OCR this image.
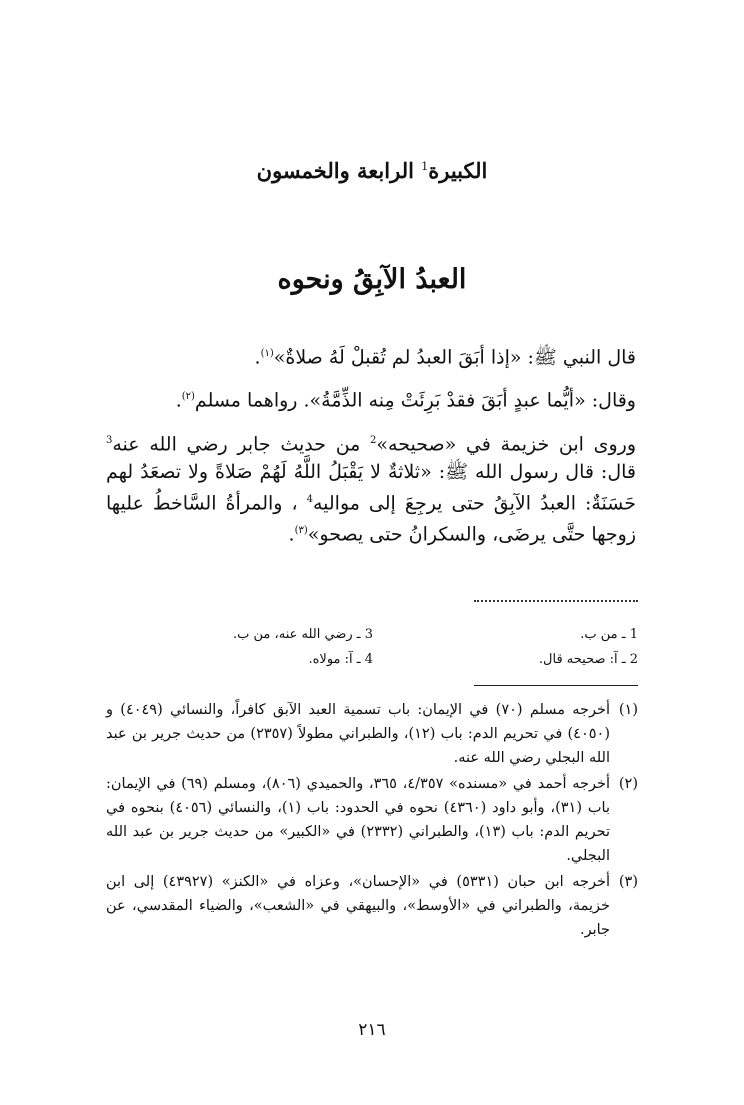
الكبيرة$^1$ الرابعة والخمسون
العبدُ الآبِقُ ونحوه

قال النبي ﷺ: «إذا أبَقَ العبدُ لم تُقبلْ لَهُ صلاةٌ»$^{(١)}$.

وقال: «أيُّما عبدٍ أبَقَ فقدْ بَرِئَتْ مِنه الذِّمَّةُ». رواهما مسلم$^{(٢)}$.

وروى ابن خزيمة في «صحيحه»$^2$ من حديث جابر رضي الله عنه$^3$ قال: قال رسول الله ﷺ: «ثلاثةٌ لا يَقْبَلُ اللَّهُ لَهُمْ صَلاةً ولا تصعَدُ لهم حَسَنَةٌ: العبدُ الآبِقُ حتى يرجِعَ إلى مواليه$^4$ ، والمرأةُ السَّاخطُ عليها زوجها حتَّى يرضَى، والسكرانُ حتى يصحو»$^{(٣)}$.

1 ـ من ب.
3 ـ رضي الله عنه، من ب.
2 ـ آ: صحيحه قال.
4 ـ آ: مولاه.
(١)
أخرجه مسلم (٧٠) في الإيمان: باب تسمية العبد الآبق كافراً، والنسائي (٤٠٤٩) و (٤٠٥٠) في تحريم الدم: باب (١٢)، والطبراني مطولاً (٢٣٥٧) من حديث جرير بن عبد الله البجلي رضي الله عنه.
(٢)
أخرجه أحمد في «مسنده» ٤/٣٥٧، ٣٦٥، والحميدي (٨٠٦)، ومسلم (٦٩) في الإيمان: باب (٣١)، وأبو داود (٤٣٦٠) نحوه في الحدود: باب (١)، والنسائي (٤٠٥٦) بنحوه في تحريم الدم: باب (١٣)، والطبراني (٢٣٣٢) في «الكبير» من حديث جرير بن عبد الله البجلي.
(٣)
أخرجه ابن حبان (٥٣٣١) في «الإحسان»، وعزاه في «الكنز» (٤٣٩٢٧) إلى ابن خزيمة، والطبراني في «الأوسط»، والبيهقي في «الشعب»، والضياء المقدسي، عن جابر.
٢١٦
